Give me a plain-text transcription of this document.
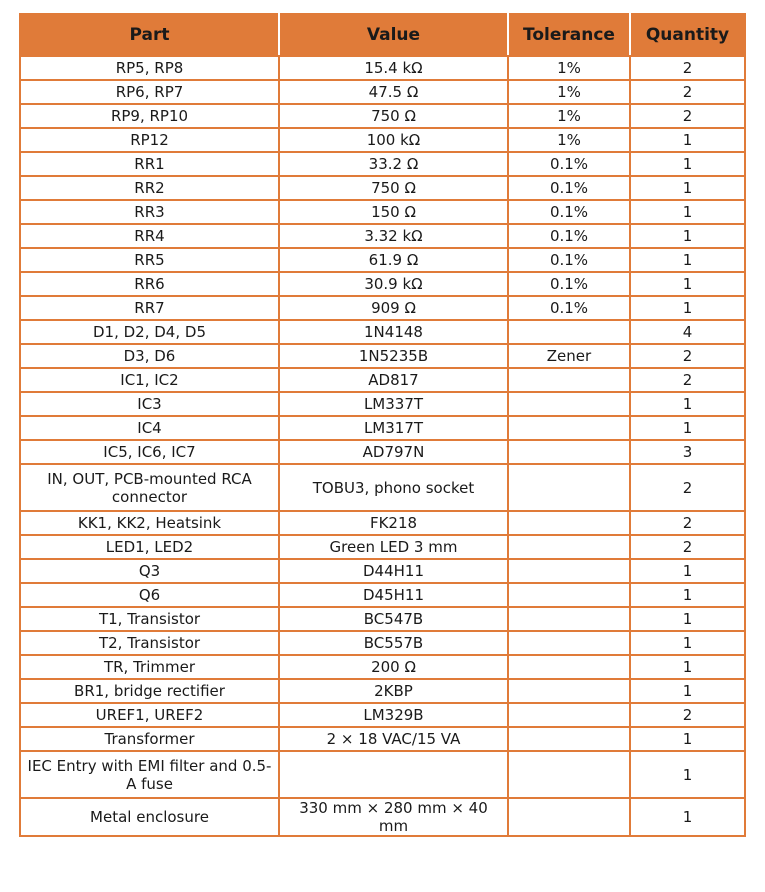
Part	Value	Tolerance	Quantity
RP5, RP8	15.4 kΩ	1%	2
RP6, RP7	47.5 Ω	1%	2
RP9, RP10	750 Ω	1%	2
RP12	100 kΩ	1%	1
RR1	33.2 Ω	0.1%	1
RR2	750 Ω	0.1%	1
RR3	150 Ω	0.1%	1
RR4	3.32 kΩ	0.1%	1
RR5	61.9 Ω	0.1%	1
RR6	30.9 kΩ	0.1%	1
RR7	909 Ω	0.1%	1
D1, D2, D4, D5	1N4148		4
D3, D6	1N5235B	Zener	2
IC1, IC2	AD817		2
IC3	LM337T		1
IC4	LM317T		1
IC5, IC6, IC7	AD797N		3
IN, OUT, PCB-mounted RCA connector	TOBU3, phono socket		2
KK1, KK2, Heatsink	FK218		2
LED1, LED2	Green LED 3 mm		2
Q3	D44H11		1
Q6	D45H11		1
T1, Transistor	BC547B		1
T2, Transistor	BC557B		1
TR, Trimmer	200 Ω		1
BR1, bridge rectifier	2KBP		1
UREF1, UREF2	LM329B		2
Transformer	2 × 18 VAC/15 VA		1
IEC Entry with EMI filter and 0.5-A fuse			1
Metal enclosure	330 mm × 280 mm × 40 mm		1
